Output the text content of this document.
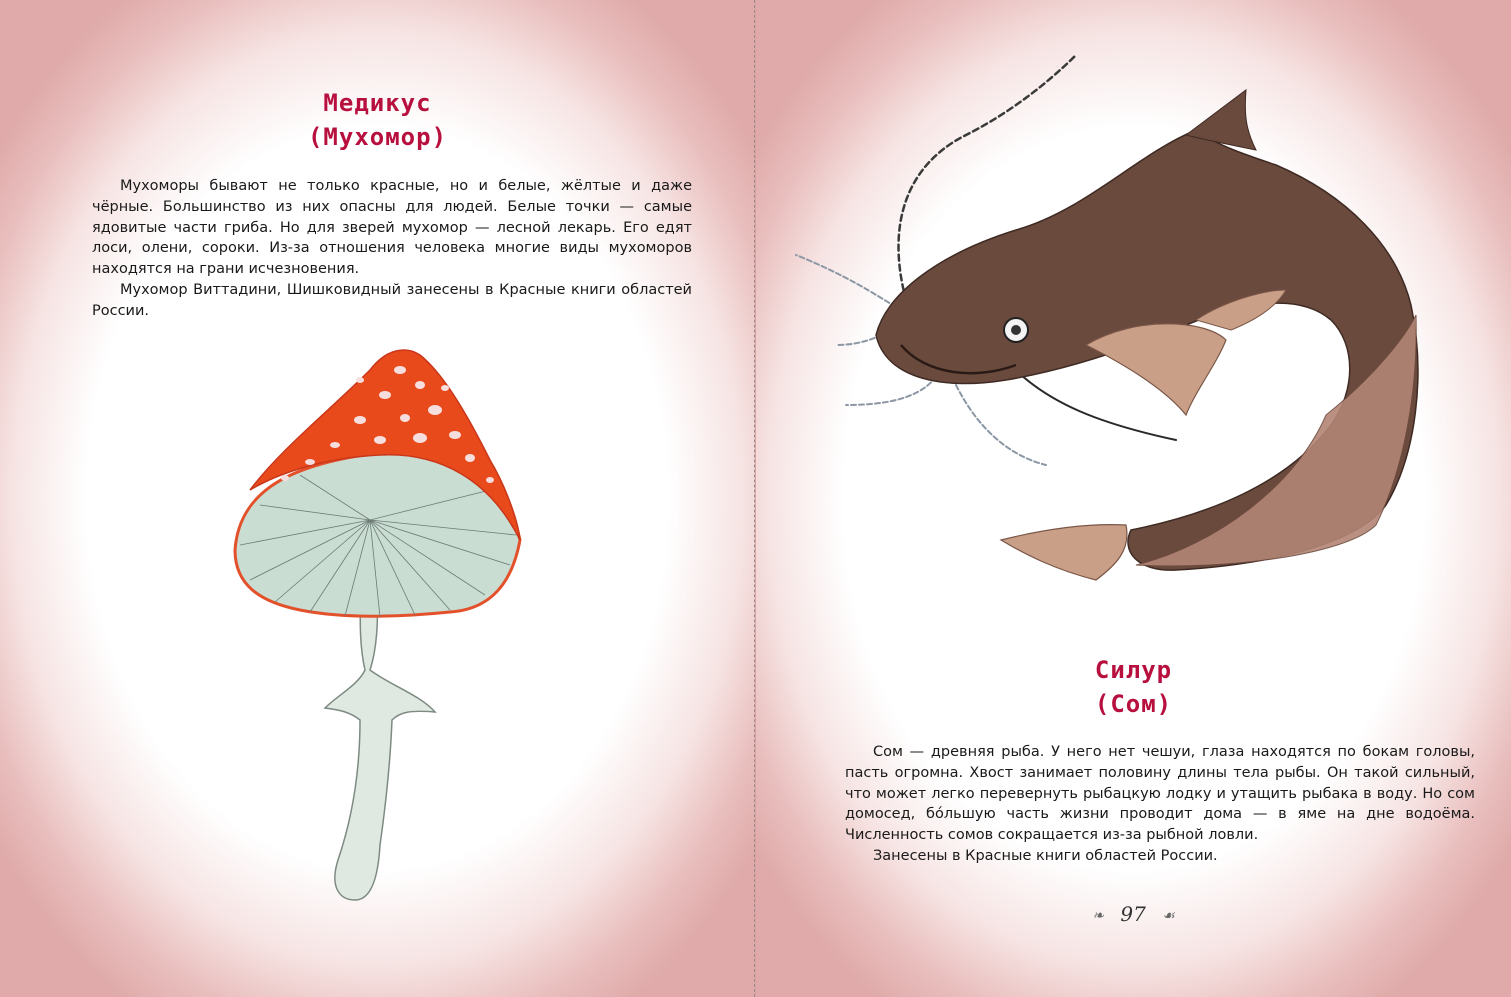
Медикус
(Мухомор)

Мухоморы бывают не только красные, но и белые, жёлтые и даже чёрные. Большинство из них опасны для людей. Белые точки — самые ядовитые части гриба. Но для зверей мухомор — лесной лекарь. Его едят лоси, олени, сороки. Из-за отношения человека многие виды мухоморов находятся на грани исчезновения.

Мухомор Виттадини, Шишковидный занесены в Красные книги областей России.

Силур
(Сом)

Сом — древняя рыба. У него нет чешуи, глаза находятся по бокам головы, пасть огромна. Хвост занимает половину длины тела рыбы. Он такой сильный, что может легко перевернуть рыбацкую лодку и утащить рыбака в воду. Но сом домосед, бо́льшую часть жизни проводит дома — в яме на дне водоёма. Численность сомов сокращается из-за рыбной ловли.

Занесены в Красные книги областей России.

❧ 97 ☙
